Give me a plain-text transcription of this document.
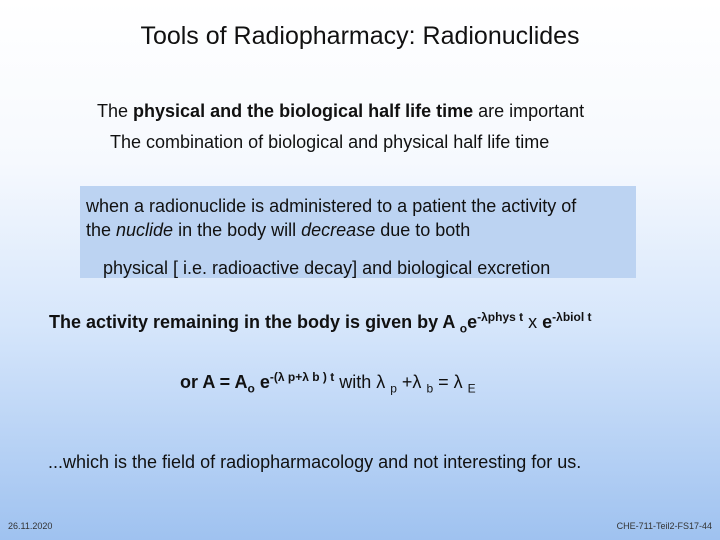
Tools of Radiopharmacy: Radionuclides
The physical and the biological half life time are important
The combination of biological and physical half life time
when a radionuclide is administered to a patient the activity of
the nuclide in the body will decrease due to both
physical [ i.e. radioactive decay] and biological excretion
The activity remaining in the body is given by A $_oe^{-\lambda phys t}$ x $e^{-\lambda biol t}$
or $A = A_o$ $e^{-(\lambda p+\lambda b ) t}$ with λ $_p$ +λ $_b$ = λ $_E$
...which is the field of radiopharmacology and not interesting for us.
26.11.2020	CHE-711-Teil2-FS17-44
